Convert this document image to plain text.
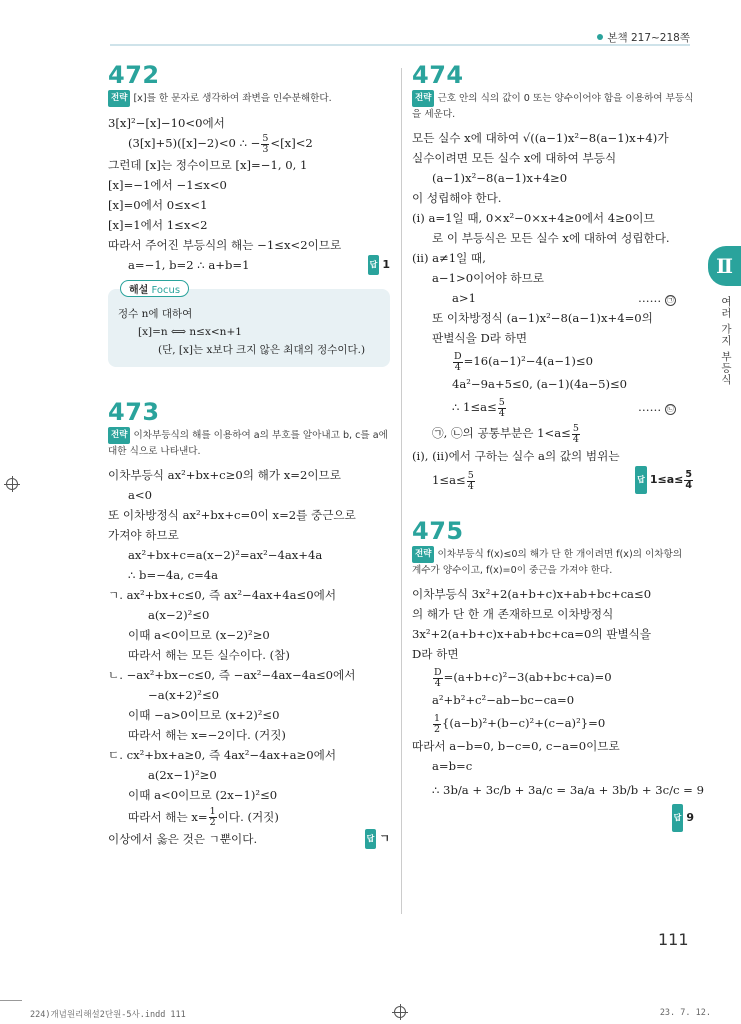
본책 217~218쪽
472
전략 [x]를 한 문자로 생각하여 좌변을 인수분해한다.
3[x]²−[x]−10<0에서
(3[x]+5)([x]−2)<0 ∴ − $\frac{5}{3} <[x]<2$
그런데 [x]는 정수이므로 [x]=−1, 0, 1
[x]=−1에서 −1≤x<0
[x]=0에서 0≤x<1
[x]=1에서 1≤x<2
따라서 주어진 부등식의 해는 −1≤x<2이므로
a=−1, b=2 ∴ a+b=1	답 1
해설 Focus
정수 n에 대하여
[x]=n ⟺ n≤x<n+1
(단, [x]는 x보다 크지 않은 최대의 정수이다.)
473
전략 이차부등식의 해를 이용하여 a의 부호를 알아내고 b, c를 a에 대한 식으로 나타낸다.
이차부등식 ax²+bx+c≥0의 해가 x=2이므로
a<0
또 이차방정식 ax²+bx+c=0이 x=2를 중근으로
가져야 하므로
ax²+bx+c=a(x−2)²=ax²−4ax+4a
∴ b=−4a, c=4a
ㄱ. ax²+bx+c≤0, 즉 ax²−4ax+4a≤0에서
a(x−2)²≤0
이때 a<0이므로 (x−2)²≥0
따라서 해는 모든 실수이다. (참)
ㄴ. −ax²+bx−c≤0, 즉 −ax²−4ax−4a≤0에서
−a(x+2)²≤0
이때 −a>0이므로 (x+2)²≤0
따라서 해는 x=−2이다. (거짓)
ㄷ. cx²+bx+a≥0, 즉 4ax²−4ax+a≥0에서
a(2x−1)²≥0
이때 a<0이므로 (2x−1)²≤0
따라서 해는 $x= \frac{1}{2}$ 이다. (거짓)
이상에서 옳은 것은 ㄱ뿐이다.	답 ㄱ
474
전략 근호 안의 식의 값이 0 또는 양수이어야 함을 이용하여 부등식을 세운다.
모든 실수 x에 대하여 √((a−1)x²−8(a−1)x+4)가
실수이려면 모든 실수 x에 대하여 부등식
(a−1)x²−8(a−1)x+4≥0
이 성립해야 한다.
(ⅰ) a=1일 때, 0×x²−0×x+4≥0에서 4≥0이므
로 이 부등식은 모든 실수 x에 대하여 성립한다.
(ⅱ) a≠1일 때,
a−1>0이어야 하므로
a>1	…… ㉠
또 이차방정식 (a−1)x²−8(a−1)x+4=0의
판별식을 D라 하면
$\frac{D}{4} =16(a-1)^2-4(a-1)\le 0$
4a²−9a+5≤0, (a−1)(4a−5)≤0
∴ $1\le a\le \frac{5}{4}$	…… ㉡
㉠, ㉡의 공통부분은 $1<a\le \frac{5}{4}$
(ⅰ), (ⅱ)에서 구하는 실수 a의 값의 범위는
$1\le a\le \frac{5}{4}$	답 $1\le a\le \frac{5}{4}$
475
전략 이차부등식 f(x)≤0의 해가 단 한 개이려면 f(x)의 이차항의 계수가 양수이고, f(x)=0이 중근을 가져야 한다.
이차부등식 3x²+2(a+b+c)x+ab+bc+ca≤0
의 해가 단 한 개 존재하므로 이차방정식
3x²+2(a+b+c)x+ab+bc+ca=0의 판별식을
D라 하면
$\frac{D}{4} =(a+b+c)^2-3(ab+bc+ca)=0$
a²+b²+c²−ab−bc−ca=0
$\frac{1}{2} \{(a-b)^2+(b-c)^2+(c-a)^2\}=0$
따라서 a−b=0, b−c=0, c−a=0이므로
a=b=c
∴ 3b/a + 3c/b + 3a/c = 3a/a + 3b/b + 3c/c = 9
답 9
Ⅱ
여러 가지 부등식
111
224)개념원리해설2단원-5사.indd 111	23. 7. 12.
